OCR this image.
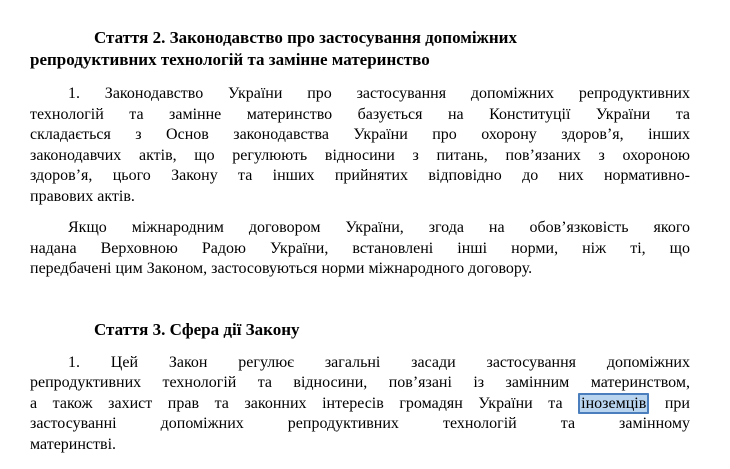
Стаття 2. Законодавство про застосування допоміжних
репродуктивних технологій та замінне материнство
1. Законодавство України про застосування допоміжних репродуктивних
технологій та замінне материнство базується на Конституції України та
складається з Основ законодавства України про охорону здоров’я, інших
законодавчих актів, що регулюють відносини з питань, пов’язаних з охороною
здоров’я, цього Закону та інших прийнятих відповідно до них нормативно-
правових актів.
Якщо міжнародним договором України, згода на обов’язковість якого
надана Верховною Радою України, встановлені інші норми, ніж ті, що
передбачені цим Законом, застосовуються норми міжнародного договору.
Стаття 3. Сфера дії Закону
1. Цей Закон регулює загальні засади застосування допоміжних
репродуктивних технологій та відносини, пов’язані із замінним материнством,
а також захист прав та законних інтересів громадян України та іноземців при
застосуванні допоміжних репродуктивних технологій та замінному
материнстві.
